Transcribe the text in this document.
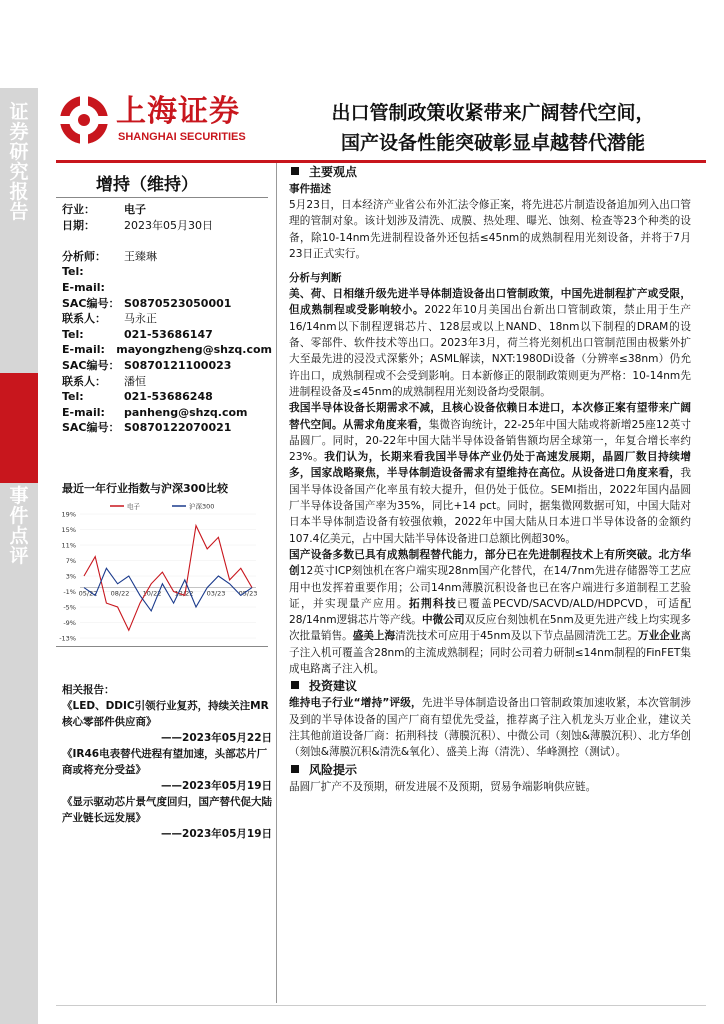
证
券
研
究
报
告
事
件
点
评
上海证券
SHANGHAI SECURITIES
出口管制政策收紧带来广阔替代空间，
国产设备性能突破彰显卓越替代潜能
增持（维持）
行业：	电子
日期：	2023年05月30日
分析师：	王臻琳
Tel:
E-mail:
SAC编号： S0870523050001
联系人：	马永正
Tel:	021-53686147
E-mail:	mayongzheng@shzq.com
SAC编号： S0870121100023
联系人：	潘恒
Tel:	021-53686248
E-mail:	panheng@shzq.com
SAC编号： S0870122070021
最近一年行业指数与沪深300比较
19%
15%
11%
7%
3%
-1%
-5%
-9%
-13%
05/22 08/22 10/22 12/22 03/23 05/23
电子	沪深300
相关报告：
《LED、DDIC引领行业复苏，持续关注MR核心零部件供应商》
——2023年05月22日
《IR46电表替代进程有望加速，头部芯片厂商或将充分受益》
——2023年05月19日
《显示驱动芯片景气度回归，国产替代促大陆产业链长远发展》
——2023年05月19日
主要观点
事件描述
5月23日，日本经济产业省公布外汇法令修正案，将先进芯片制造设备追加列入出口管理的管制对象。该计划涉及清洗、成膜、热处理、曝光、蚀刻、检查等23个种类的设备，除10-14nm先进制程设备外还包括≤45nm的成熟制程用光刻设备，并将于7月23日正式实行。
分析与判断
美、荷、日相继升级先进半导体制造设备出口管制政策，中国先进制程扩产或受限，但成熟制程或受影响较小。2022年10月美国出台新出口管制政策，禁止用于生产16/14nm以下制程逻辑芯片、128层或以上NAND、18nm以下制程的DRAM的设备、零部件、软件技术等出口。2023年3月，荷兰将光刻机出口管制范围由极紫外扩大至最先进的浸没式深紫外；ASML解读，NXT:1980Di设备（分辨率≤38nm）仍允许出口，成熟制程或不会受到影响。日本新修正的限制政策则更为严格：10-14nm先进制程设备及≤45nm的成熟制程用光刻设备均受限制。
我国半导体设备长期需求不减，且核心设备依赖日本进口，本次修正案有望带来广阔替代空间。从需求角度来看，集微咨询统计，22-25年中国大陆或将新增25座12英寸晶圆厂。同时，20-22年中国大陆半导体设备销售额均居全球第一，年复合增长率约23%。我们认为，长期来看我国半导体产业仍处于高速发展期，晶圆厂数目持续增多，国家战略聚焦，半导体制造设备需求有望维持在高位。从设备进口角度来看，我国半导体设备国产化率虽有较大提升，但仍处于低位。SEMI指出，2022年国内晶圆厂半导体设备国产率为35%，同比+14 pct。同时，据集微网数据可知，中国大陆对日本半导体制造设备有较强依赖，2022年中国大陆从日本进口半导体设备的金额约107.4亿美元，占中国大陆半导体设备进口总额比例超30%。
国产设备多数已具有成熟制程替代能力，部分已在先进制程技术上有所突破。北方华创12英寸ICP刻蚀机在客户端实现28nm国产化替代，在14/7nm先进存储器等工艺应用中也发挥着重要作用；公司14nm薄膜沉积设备也已在客户端进行多道制程工艺验证，并实现量产应用。拓荆科技已覆盖PECVD/SACVD/ALD/HDPCVD，可适配28/14nm逻辑芯片等产线。中微公司双反应台刻蚀机在5nm及更先进产线上均实现多次批量销售。盛美上海清洗技术可应用于45nm及以下节点晶圆清洗工艺。万业企业离子注入机可覆盖含28nm的主流成熟制程；同时公司着力研制≤14nm制程的FinFET集成电路离子注入机。
投资建议
维持电子行业“增持”评级，先进半导体制造设备出口管制政策加速收紧，本次管制涉及到的半导体设备的国产厂商有望优先受益，推荐离子注入机龙头万业企业，建议关注其他前道设备厂商：拓荆科技（薄膜沉积）、中微公司（刻蚀&薄膜沉积）、北方华创（刻蚀&薄膜沉积&清洗&氧化）、盛美上海（清洗）、华峰测控（测试）。
风险提示
晶圆厂扩产不及预期，研发进展不及预期，贸易争端影响供应链。
